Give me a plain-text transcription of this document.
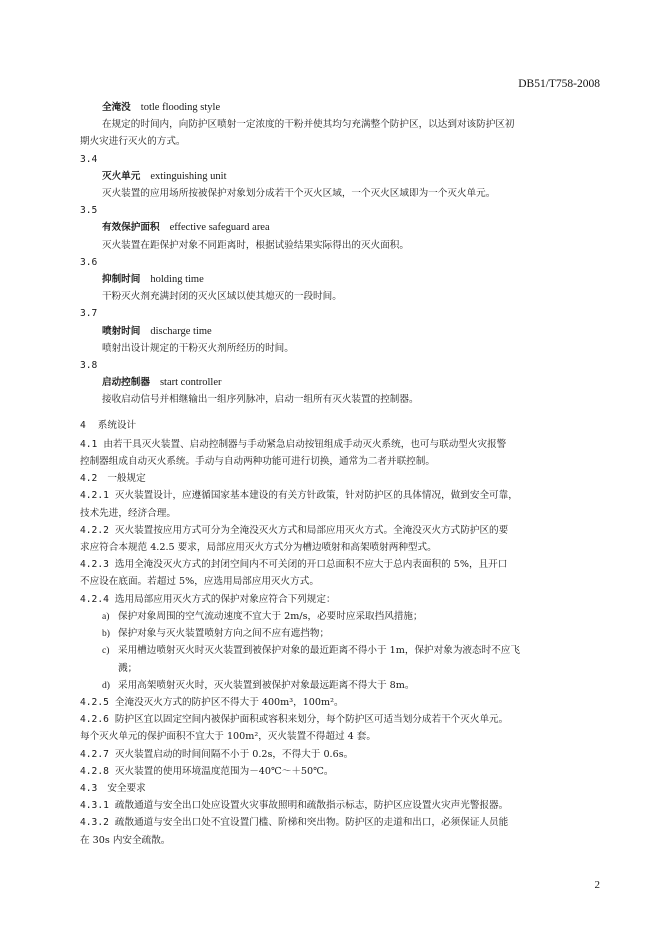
DB51/T758-2008

全淹没 totle flooding style

在规定的时间内，向防护区喷射一定浓度的干粉并使其均匀充满整个防护区，以达到对该防护区初

期火灾进行灭火的方式。

3.4

灭火单元 extinguishing unit

灭火装置的应用场所按被保护对象划分成若干个灭火区域，一个灭火区域即为一个灭火单元。

3.5

有效保护面积 effective safeguard area

灭火装置在距保护对象不同距离时，根据试验结果实际得出的灭火面积。

3.6

抑制时间 holding time

干粉灭火剂充满封闭的灭火区域以使其熄灭的一段时间。

3.7

喷射时间 discharge time

喷射出设计规定的干粉灭火剂所经历的时间。

3.8

启动控制器 start controller

接收启动信号并相继输出一组序列脉冲，启动一组所有灭火装置的控制器。

4 系统设计

4.1 由若干具灭火装置、启动控制器与手动紧急启动按钮组成手动灭火系统，也可与联动型火灾报警

控制器组成自动灭火系统。手动与自动两种功能可进行切换，通常为二者并联控制。

4.2 一般规定

4.2.1 灭火装置设计，应遵循国家基本建设的有关方针政策，针对防护区的具体情况，做到安全可靠，

技术先进，经济合理。

4.2.2 灭火装置按应用方式可分为全淹没灭火方式和局部应用灭火方式。全淹没灭火方式防护区的要

求应符合本规范 4.2.5 要求，局部应用灭火方式分为槽边喷射和高架喷射两种型式。

4.2.3 选用全淹没灭火方式的封闭空间内不可关闭的开口总面积不应大于总内表面积的 5%，且开口

不应设在底面。若超过 5%，应选用局部应用灭火方式。

4.2.4 选用局部应用灭火方式的保护对象应符合下列规定：

a) 保护对象周围的空气流动速度不宜大于 2m/s，必要时应采取挡风措施；

b) 保护对象与灭火装置喷射方向之间不应有遮挡物；

c) 采用槽边喷射灭火时灭火装置到被保护对象的最近距离不得小于 1m，保护对象为液态时不应飞

溅；

d) 采用高架喷射灭火时，灭火装置到被保护对象最远距离不得大于 8m。

4.2.5 全淹没灭火方式的防护区不得大于 400m³，100m²。

4.2.6 防护区宜以固定空间内被保护面积或容积来划分，每个防护区可适当划分成若干个灭火单元。

每个灭火单元的保护面积不宜大于 100m²，灭火装置不得超过 4 套。

4.2.7 灭火装置启动的时间间隔不小于 0.2s，不得大于 0.6s。

4.2.8 灭火装置的使用环境温度范围为－40℃～＋50℃。

4.3 安全要求

4.3.1 疏散通道与安全出口处应设置火灾事故照明和疏散指示标志，防护区应设置火灾声光警报器。

4.3.2 疏散通道与安全出口处不宜设置门槛、阶梯和突出物。防护区的走道和出口，必须保证人员能

在 30s 内安全疏散。

2
